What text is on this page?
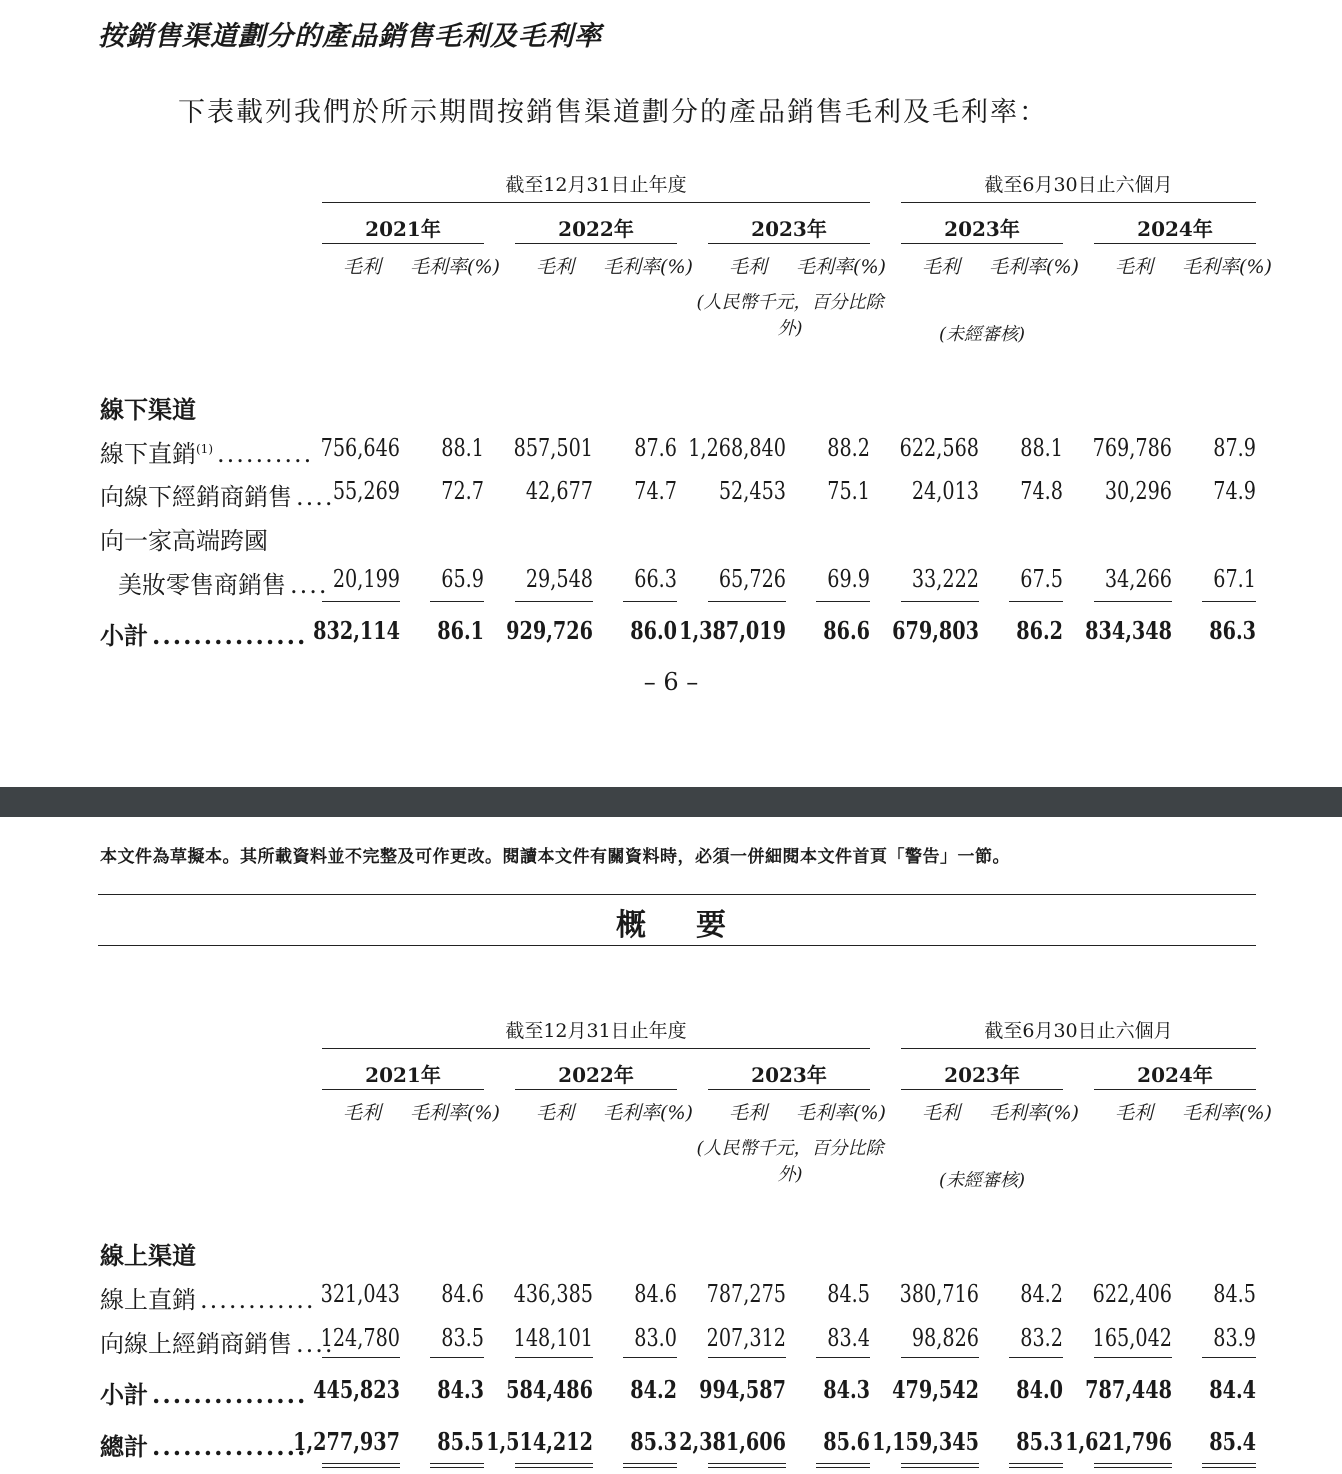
按銷售渠道劃分的產品銷售毛利及毛利率
下表載列我們於所示期間按銷售渠道劃分的產品銷售毛利及毛利率：
截至12月31日止年度	截至6月30日止六個月
2021年	2022年	2023年	2023年	2024年
(人民幣千元，百分比除外)	(未經審核)
線下渠道
毛利	毛利率(%)	毛利	毛利率(%)	毛利	毛利率(%)	毛利	毛利率(%)	毛利	毛利率(%)
線下直銷$^{(1)}$ .......... 756,646	88.1	857,501	87.6 1,268,840	88.2	622,568	88.1	769,786	87.9
向線下經銷商銷售 ....
55,269	72.7	42,677	74.7	52,453	75.1	24,013	74.8	30,296	74.9
向一家高端跨國
美妝零售商銷售 .... 20,199	65.9	29,548	66.3	65,726	69.9	33,222	67.5	34,266	67.1
小計 ............... 832,114	86.1 929,726	86.0 1,387,019	86.6 679,803	86.2 834,348	86.3
– 6 –
本文件為草擬本。其所載資料並不完整及可作更改。閱讀本文件有關資料時，必須一併細閱本文件首頁「警告」一節。
概要
截至12月31日止年度	截至6月30日止六個月
2021年	2022年	2023年	2023年	2024年
(人民幣千元，百分比除外)	(未經審核)
線上渠道
毛利	毛利率(%)	毛利	毛利率(%)	毛利	毛利率(%)	毛利	毛利率(%)	毛利	毛利率(%)
線上直銷 ............ 321,043	84.6	436,385	84.6	787,275	84.5	380,716	84.2	622,406	84.5
向線上經銷商銷售 ....
124,780	83.5	148,101	83.0	207,312	83.4	98,826	83.2	165,042	83.9
小計 ............... 445,823	84.3 584,486	84.2 994,587	84.3 479,542	84.0 787,448	84.4
總計 ...............
1,277,937	85.5 1,514,212	85.3 2,381,606	85.6 1,159,345	85.3 1,621,796	85.4
